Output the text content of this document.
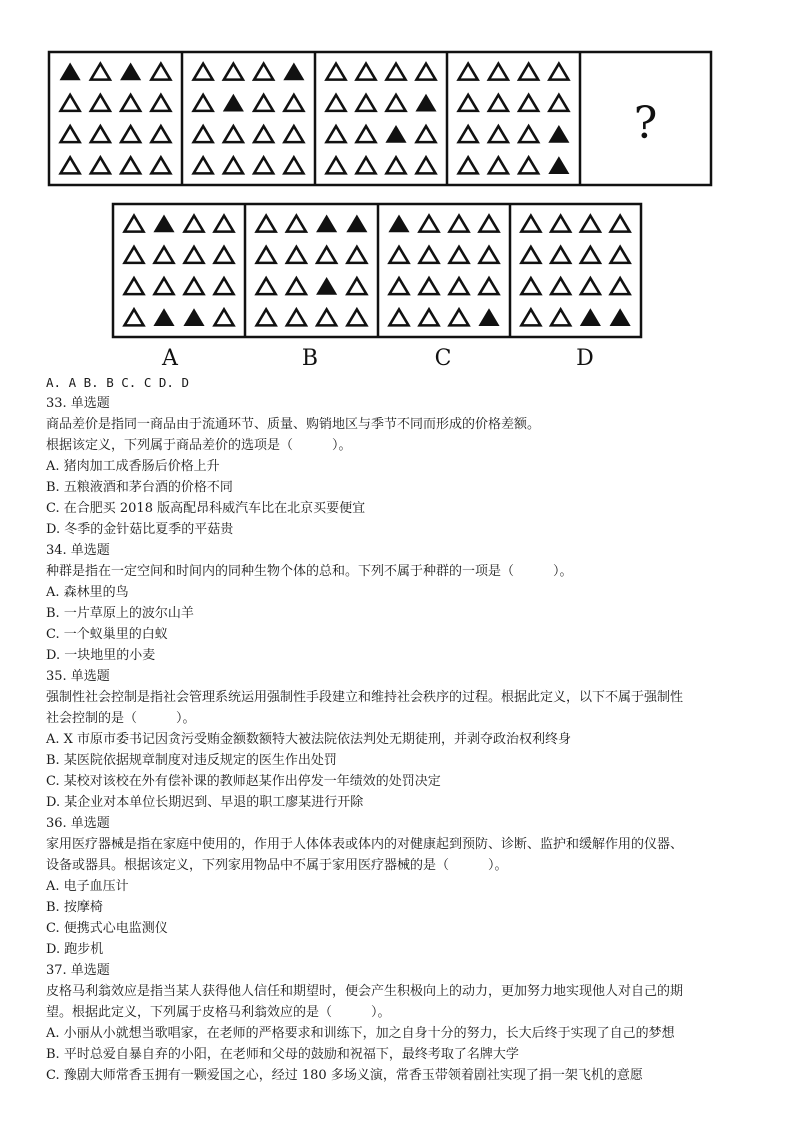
?
A	B	C	D
A. A B. B C. C D. D
33. 单选题
商品差价是指同一商品由于流通环节、质量、购销地区与季节不同而形成的价格差额。
根据该定义，下列属于商品差价的选项是（　　　）。
A. 猪肉加工成香肠后价格上升
B. 五粮液酒和茅台酒的价格不同
C. 在合肥买 2018 版高配昂科威汽车比在北京买要便宜
D. 冬季的金针菇比夏季的平菇贵
34. 单选题
种群是指在一定空间和时间内的同种生物个体的总和。下列不属于种群的一项是（　　　）。
A. 森林里的鸟
B. 一片草原上的波尔山羊
C. 一个蚁巢里的白蚁
D. 一块地里的小麦
35. 单选题
强制性社会控制是指社会管理系统运用强制性手段建立和维持社会秩序的过程。根据此定义，以下不属于强制性
社会控制的是（　　　）。
A. X 市原市委书记因贪污受贿金额数额特大被法院依法判处无期徒刑，并剥夺政治权利终身
B. 某医院依据规章制度对违反规定的医生作出处罚
C. 某校对该校在外有偿补课的教师赵某作出停发一年绩效的处罚决定
D. 某企业对本单位长期迟到、早退的职工廖某进行开除
36. 单选题
家用医疗器械是指在家庭中使用的，作用于人体体表或体内的对健康起到预防、诊断、监护和缓解作用的仪器、
设备或器具。根据该定义，下列家用物品中不属于家用医疗器械的是（　　　）。
A. 电子血压计
B. 按摩椅
C. 便携式心电监测仪
D. 跑步机
37. 单选题
皮格马利翁效应是指当某人获得他人信任和期望时，便会产生积极向上的动力，更加努力地实现他人对自己的期
望。根据此定义，下列属于皮格马利翁效应的是（　　　）。
A. 小丽从小就想当歌唱家，在老师的严格要求和训练下，加之自身十分的努力，长大后终于实现了自己的梦想
B. 平时总爱自暴自弃的小阳，在老师和父母的鼓励和祝福下，最终考取了名牌大学
C. 豫剧大师常香玉拥有一颗爱国之心，经过 180 多场义演，常香玉带领着剧社实现了捐一架飞机的意愿
